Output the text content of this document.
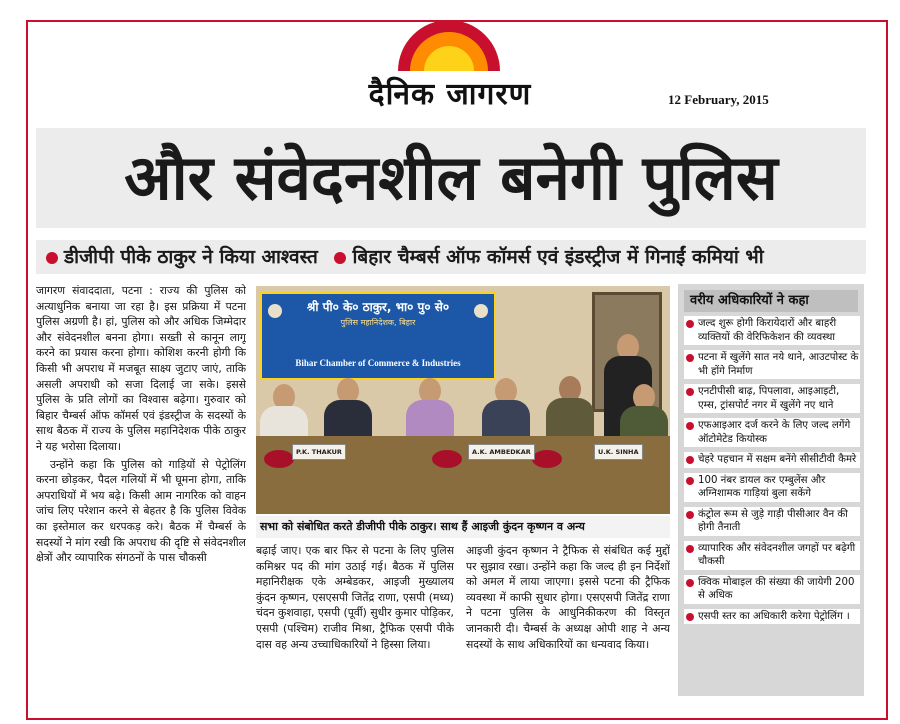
दैनिक जागरण	12 February, 2015
और संवेदनशील बनेगी पुलिस
डीजीपी पीके ठाकुर ने किया आश्वस्त बिहार चैम्बर्स ऑफ कॉमर्स एवं इंडस्ट्रीज में गिनाईं कमियां भी
जागरण संवाददाता, पटना : राज्य की पुलिस को अत्याधुनिक बनाया जा रहा है। इस प्रक्रिया में पटना पुलिस अग्रणी है। हां, पुलिस को और अधिक जिम्मेदार और संवेदनशील बनना होगा। सख्ती से कानून लागू करने का प्रयास करना होगा। कोशिश करनी होगी कि किसी भी अपराध में मजबूत साक्ष्य जुटाए जाएं, ताकि असली अपराधी को सजा दिलाई जा सके। इससे पुलिस के प्रति लोगों का विश्वास बढ़ेगा। गुरुवार को बिहार चैम्बर्स ऑफ कॉमर्स एवं इंडस्ट्रीज के सदस्यों के साथ बैठक में राज्य के पुलिस महानिदेशक पीके ठाकुर ने यह भरोसा दिलाया।
उन्होंने कहा कि पुलिस को गाड़ियों से पेट्रोलिंग करना छोड़कर, पैदल गलियों में भी घूमना होगा, ताकि अपराधियों में भय बढ़े। किसी आम नागरिक को वाहन जांच लिए परेशान करने से बेहतर है कि पुलिस विवेक का इस्तेमाल कर धरपकड़ करे। बैठक में चैम्बर्स के सदस्यों ने मांग रखी कि अपराध की दृष्टि से संवेदनशील क्षेत्रों और व्यापारिक संगठनों के पास चौकसी
श्री पी० के० ठाकुर, भा० पु० से०
पुलिस महानिदेशक, बिहार
Bihar Chamber of Commerce & Industries
P.K. THAKUR	A.K. AMBEDKAR	U.K. SINHA
सभा को संबोधित करते डीजीपी पीके ठाकुर। साथ हैं आइजी कुंदन कृष्णन व अन्य
बढ़ाई जाए। एक बार फिर से पटना के लिए पुलिस कमिश्नर पद की मांग उठाई गई। बैठक में पुलिस महानिरीक्षक एके अम्बेडकर, आइजी मुख्यालय कुंदन कृष्णन, एसएसपी जितेंद्र राणा, एसपी (मध्य) चंदन कुशवाहा, एसपी (पूर्वी) सुधीर कुमार पोड़िकर, एसपी (पश्चिम) राजीव मिश्रा, ट्रैफिक एसपी पीके दास वह अन्य उच्चाधिकारियों ने हिस्सा लिया।
आइजी कुंदन कृष्णन ने ट्रैफिक से संबंधित कई मुद्दों पर सुझाव रखा। उन्होंने कहा कि जल्द ही इन निर्देशों को अमल में लाया जाएगा। इससे पटना की ट्रैफिक व्यवस्था में काफी सुधार होगा। एसएसपी जितेंद्र राणा ने पटना पुलिस के आधुनिकीकरण की विस्तृत जानकारी दी। चैम्बर्स के अध्यक्ष ओपी शाह ने अन्य सदस्यों के साथ अधिकारियों का धन्यवाद किया।
वरीय अधिकारियों ने कहा
जल्द शुरू होगी किरायेदारों और बाहरी व्यक्तियों की वेरिफिकेशन की व्यवस्था
पटना में खुलेंगे सात नये थाने, आउटपोस्ट के भी होंगे निर्माण
एनटीपीसी बाढ़, पिपलावा, आइआइटी, एम्स, ट्रांसपोर्ट नगर में खुलेंगे नए थाने
एफआइआर दर्ज करने के लिए जल्द लगेंगे ऑटोमेटेड कियोस्क
चेहरे पहचान में सक्षम बनेंगे सीसीटीवी कैमरे
100 नंबर डायल कर एम्बुलेंस और अग्निशामक गाड़ियां बुला सकेंगे
कंट्रोल रूम से जुड़े गाड़ी पीसीआर वैन की होगी तैनाती
व्यापारिक और संवेदनशील जगहों पर बढ़ेगी चौकसी
क्विक मोबाइल की संख्या की जायेगी 200 से अधिक
एसपी स्तर का अधिकारी करेगा पेट्रोलिंग ।
